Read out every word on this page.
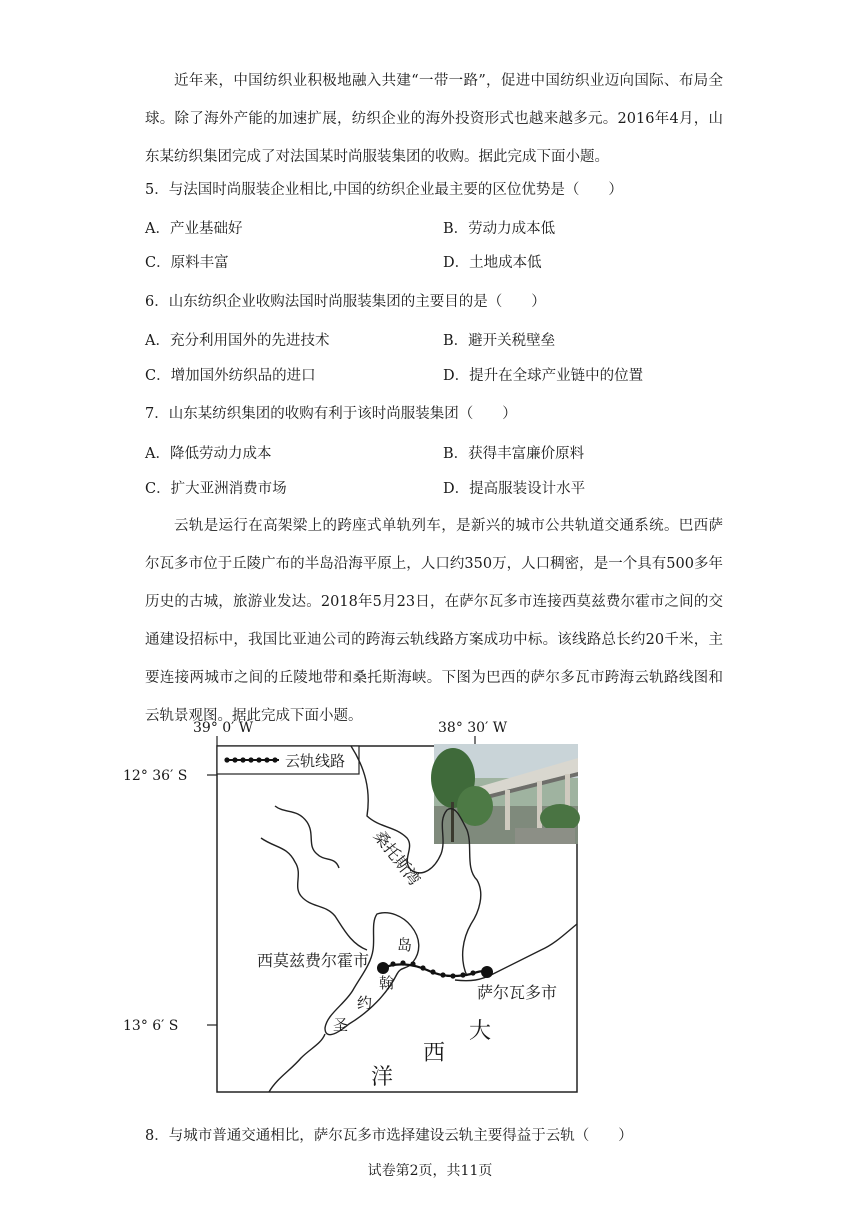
近年来，中国纺织业积极地融入共建“一带一路”，促进中国纺织业迈向国际、布局全球。除了海外产能的加速扩展，纺织企业的海外投资形式也越来越多元。2016年4月，山东某纺织集团完成了对法国某时尚服装集团的收购。据此完成下面小题。

5．与法国时尚服装企业相比,中国的纺织企业最主要的区位优势是（　　）
A．产业基础好	B．劳动力成本低
C．原料丰富	D．土地成本低
6．山东纺织企业收购法国时尚服装集团的主要目的是（　　）
A．充分利用国外的先进技术	B．避开关税壁垒
C．增加国外纺织品的进口	D．提升在全球产业链中的位置
7．山东某纺织集团的收购有利于该时尚服装集团（　　）
A．降低劳动力成本	B．获得丰富廉价原料
C．扩大亚洲消费市场	D．提高服装设计水平

云轨是运行在高架梁上的跨座式单轨列车，是新兴的城市公共轨道交通系统。巴西萨尔瓦多市位于丘陵广布的半岛沿海平原上，人口约350万，人口稠密，是一个具有500多年历史的古城，旅游业发达。2018年5月23日，在萨尔瓦多市连接西莫兹费尔霍市之间的交通建设招标中，我国比亚迪公司的跨海云轨线路方案成功中标。该线路总长约20千米，主要连接两城市之间的丘陵地带和桑托斯海峡。下图为巴西的萨尔多瓦市跨海云轨路线图和云轨景观图。据此完成下面小题。

39° 0′ W	38° 30′ W
12° 36′ S
13° 6′ S
云轨线路
桑托斯湾
岛
翰
约
圣
西莫兹费尔霍市
萨尔瓦多市
大
西
洋
8．与城市普通交通相比，萨尔瓦多市选择建设云轨主要得益于云轨（　　）
试卷第2页，共11页
